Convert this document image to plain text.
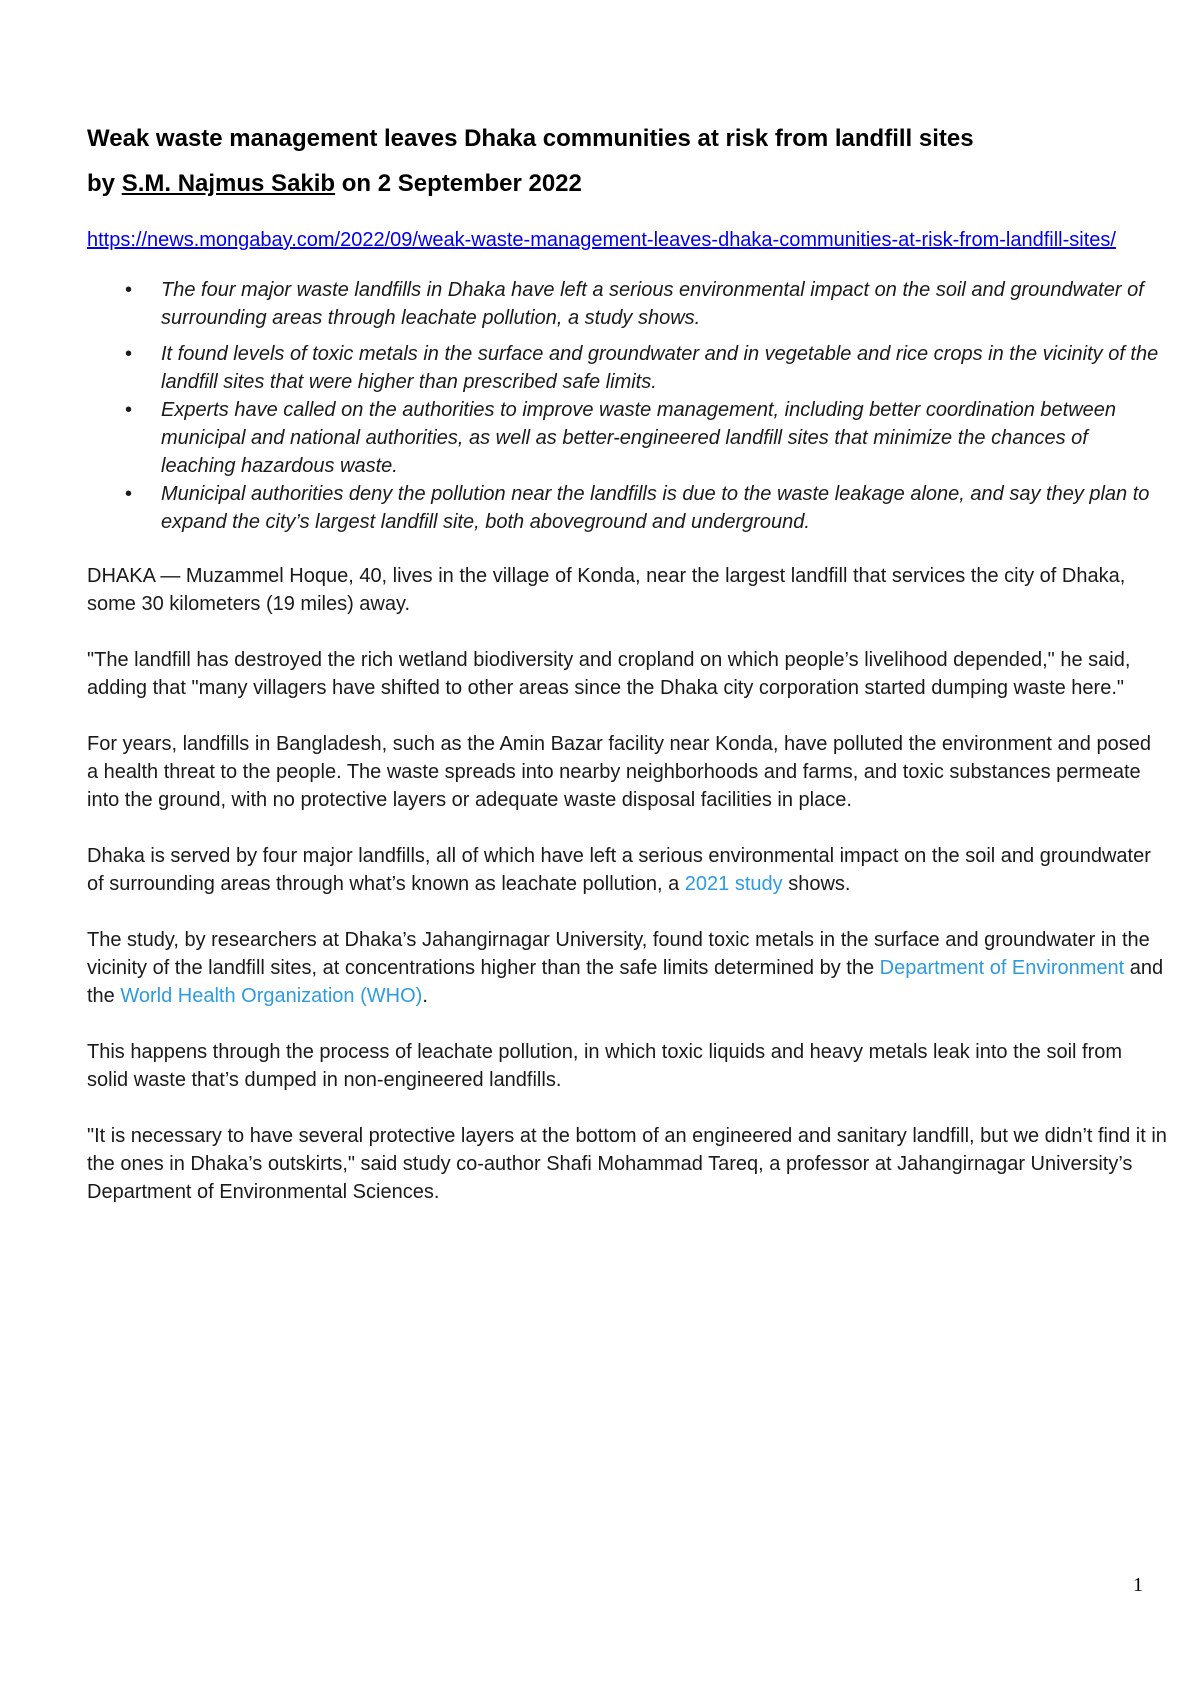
Weak waste management leaves Dhaka communities at risk from landfill sites
by S.M. Najmus Sakib on 2 September 2022
https://news.mongabay.com/2022/09/weak-waste-management-leaves-dhaka-communities-at-risk-from-landfill-sites/
• The four major waste landfills in Dhaka have left a serious environmental impact on the soil and groundwater of surrounding areas through leachate pollution, a study shows.
• It found levels of toxic metals in the surface and groundwater and in vegetable and rice crops in the vicinity of the landfill sites that were higher than prescribed safe limits.
• Experts have called on the authorities to improve waste management, including better coordination between municipal and national authorities, as well as better-engineered landfill sites that minimize the chances of leaching hazardous waste.
• Municipal authorities deny the pollution near the landfills is due to the waste leakage alone, and say they plan to expand the city’s largest landfill site, both aboveground and underground.

DHAKA — Muzammel Hoque, 40, lives in the village of Konda, near the largest landfill that services the city of Dhaka, some 30 kilometers (19 miles) away.

"The landfill has destroyed the rich wetland biodiversity and cropland on which people’s livelihood depended," he said, adding that "many villagers have shifted to other areas since the Dhaka city corporation started dumping waste here."

For years, landfills in Bangladesh, such as the Amin Bazar facility near Konda, have polluted the environment and posed a health threat to the people. The waste spreads into nearby neighborhoods and farms, and toxic substances permeate into the ground, with no protective layers or adequate waste disposal facilities in place.

Dhaka is served by four major landfills, all of which have left a serious environmental impact on the soil and groundwater of surrounding areas through what’s known as leachate pollution, a 2021 study shows.

The study, by researchers at Dhaka’s Jahangirnagar University, found toxic metals in the surface and groundwater in the vicinity of the landfill sites, at concentrations higher than the safe limits determined by the Department of Environment and the World Health Organization (WHO).

This happens through the process of leachate pollution, in which toxic liquids and heavy metals leak into the soil from solid waste that’s dumped in non-engineered landfills.

"It is necessary to have several protective layers at the bottom of an engineered and sanitary landfill, but we didn’t find it in the ones in Dhaka’s outskirts," said study co-author Shafi Mohammad Tareq, a professor at Jahangirnagar University’s Department of Environmental Sciences.

1
